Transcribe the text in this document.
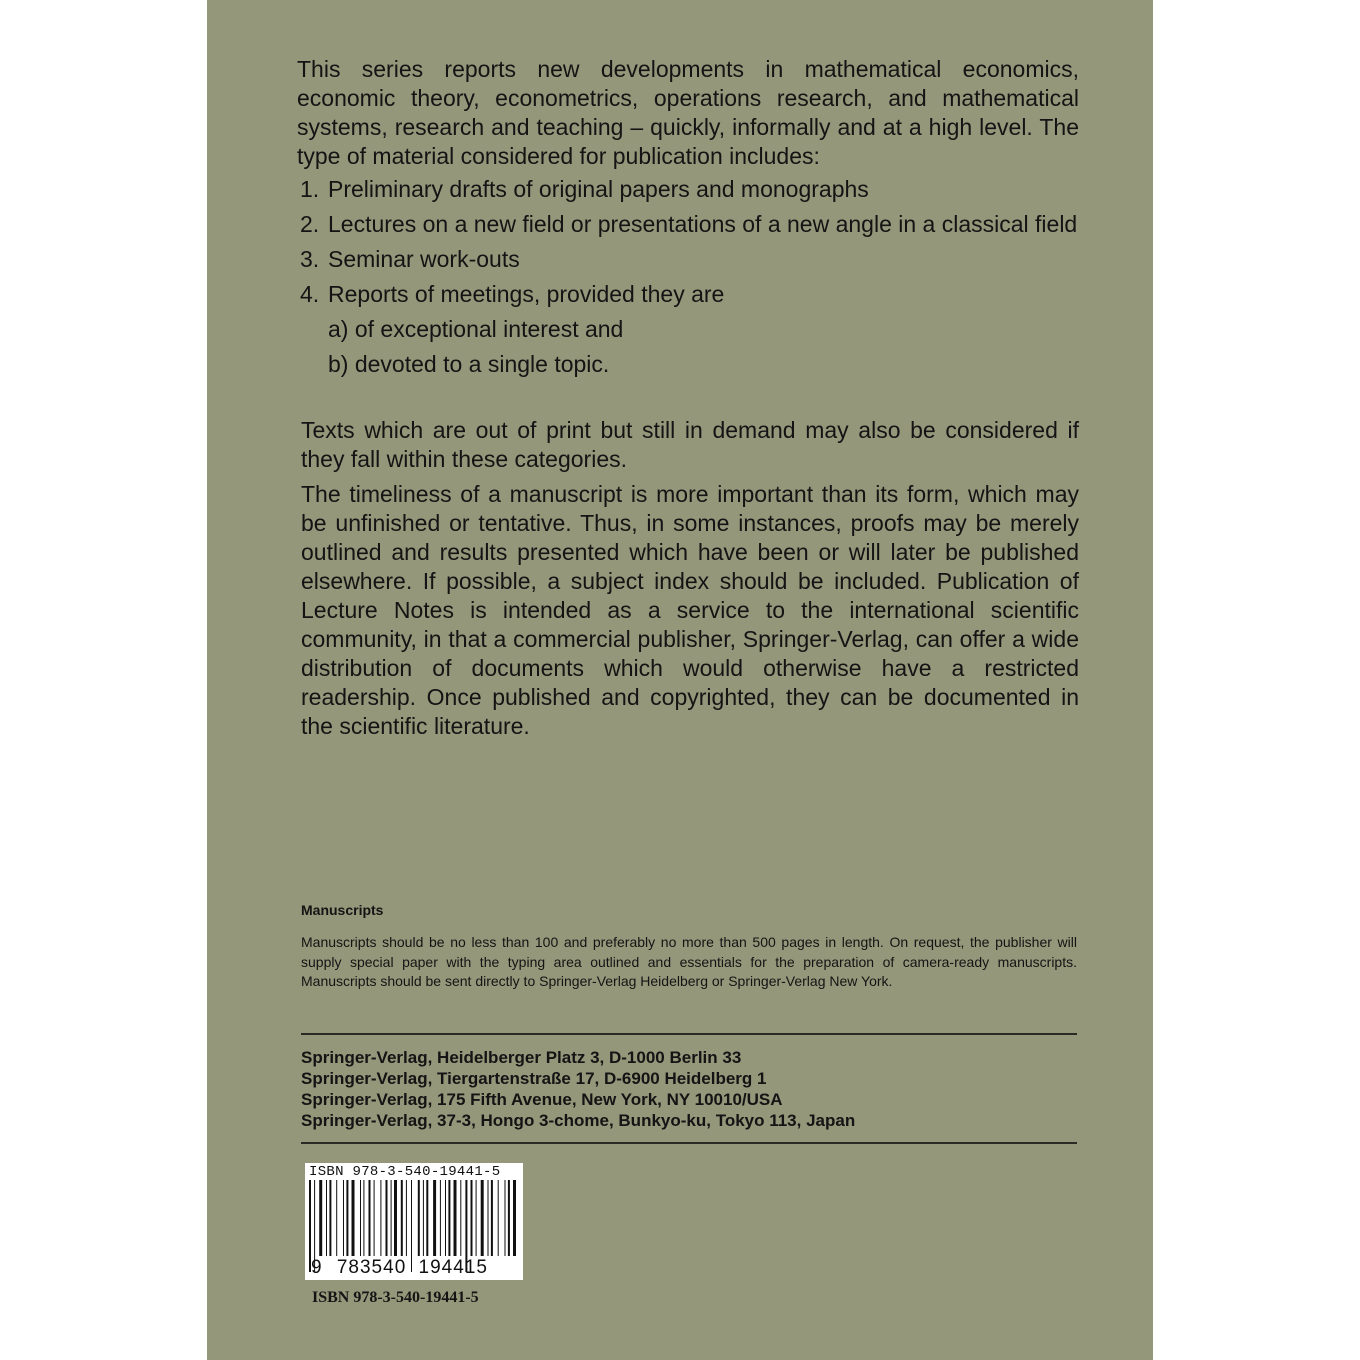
This series reports new developments in mathematical economics, economic theory, econometrics, operations research, and mathematical systems, research and teaching – quickly, informally and at a high level. The type of material considered for publication includes:

1. Preliminary drafts of original papers and monographs
2. Lectures on a new field or presentations of a new angle in a classical field
3. Seminar work-outs
4. Reports of meetings, provided they are
a) of exceptional interest and
b) devoted to a single topic.

Texts which are out of print but still in demand may also be considered if they fall within these categories.

The timeliness of a manuscript is more important than its form, which may be unfinished or tentative. Thus, in some instances, proofs may be merely outlined and results presented which have been or will later be published elsewhere. If possible, a subject index should be included. Publication of Lecture Notes is intended as a service to the international scientific community, in that a commercial publisher, Springer-Verlag, can offer a wide distribution of documents which would otherwise have a restricted readership. Once published and copyrighted, they can be documented in the scientific literature.

Manuscripts

Manuscripts should be no less than 100 and preferably no more than 500 pages in length. On request, the publisher will supply special paper with the typing area outlined and essentials for the preparation of camera-ready manuscripts. Manuscripts should be sent directly to Springer-Verlag Heidelberg or Springer-Verlag New York.

Springer-Verlag, Heidelberger Platz 3, D-1000 Berlin 33
Springer-Verlag, Tiergartenstraße 17, D-6900 Heidelberg 1
Springer-Verlag, 175 Fifth Avenue, New York, NY 10010/USA
Springer-Verlag, 37-3, Hongo 3-chome, Bunkyo-ku, Tokyo 113, Japan
ISBN 978-3-540-19441-5
9 783540 194415
ISBN 978-3-540-19441-5
